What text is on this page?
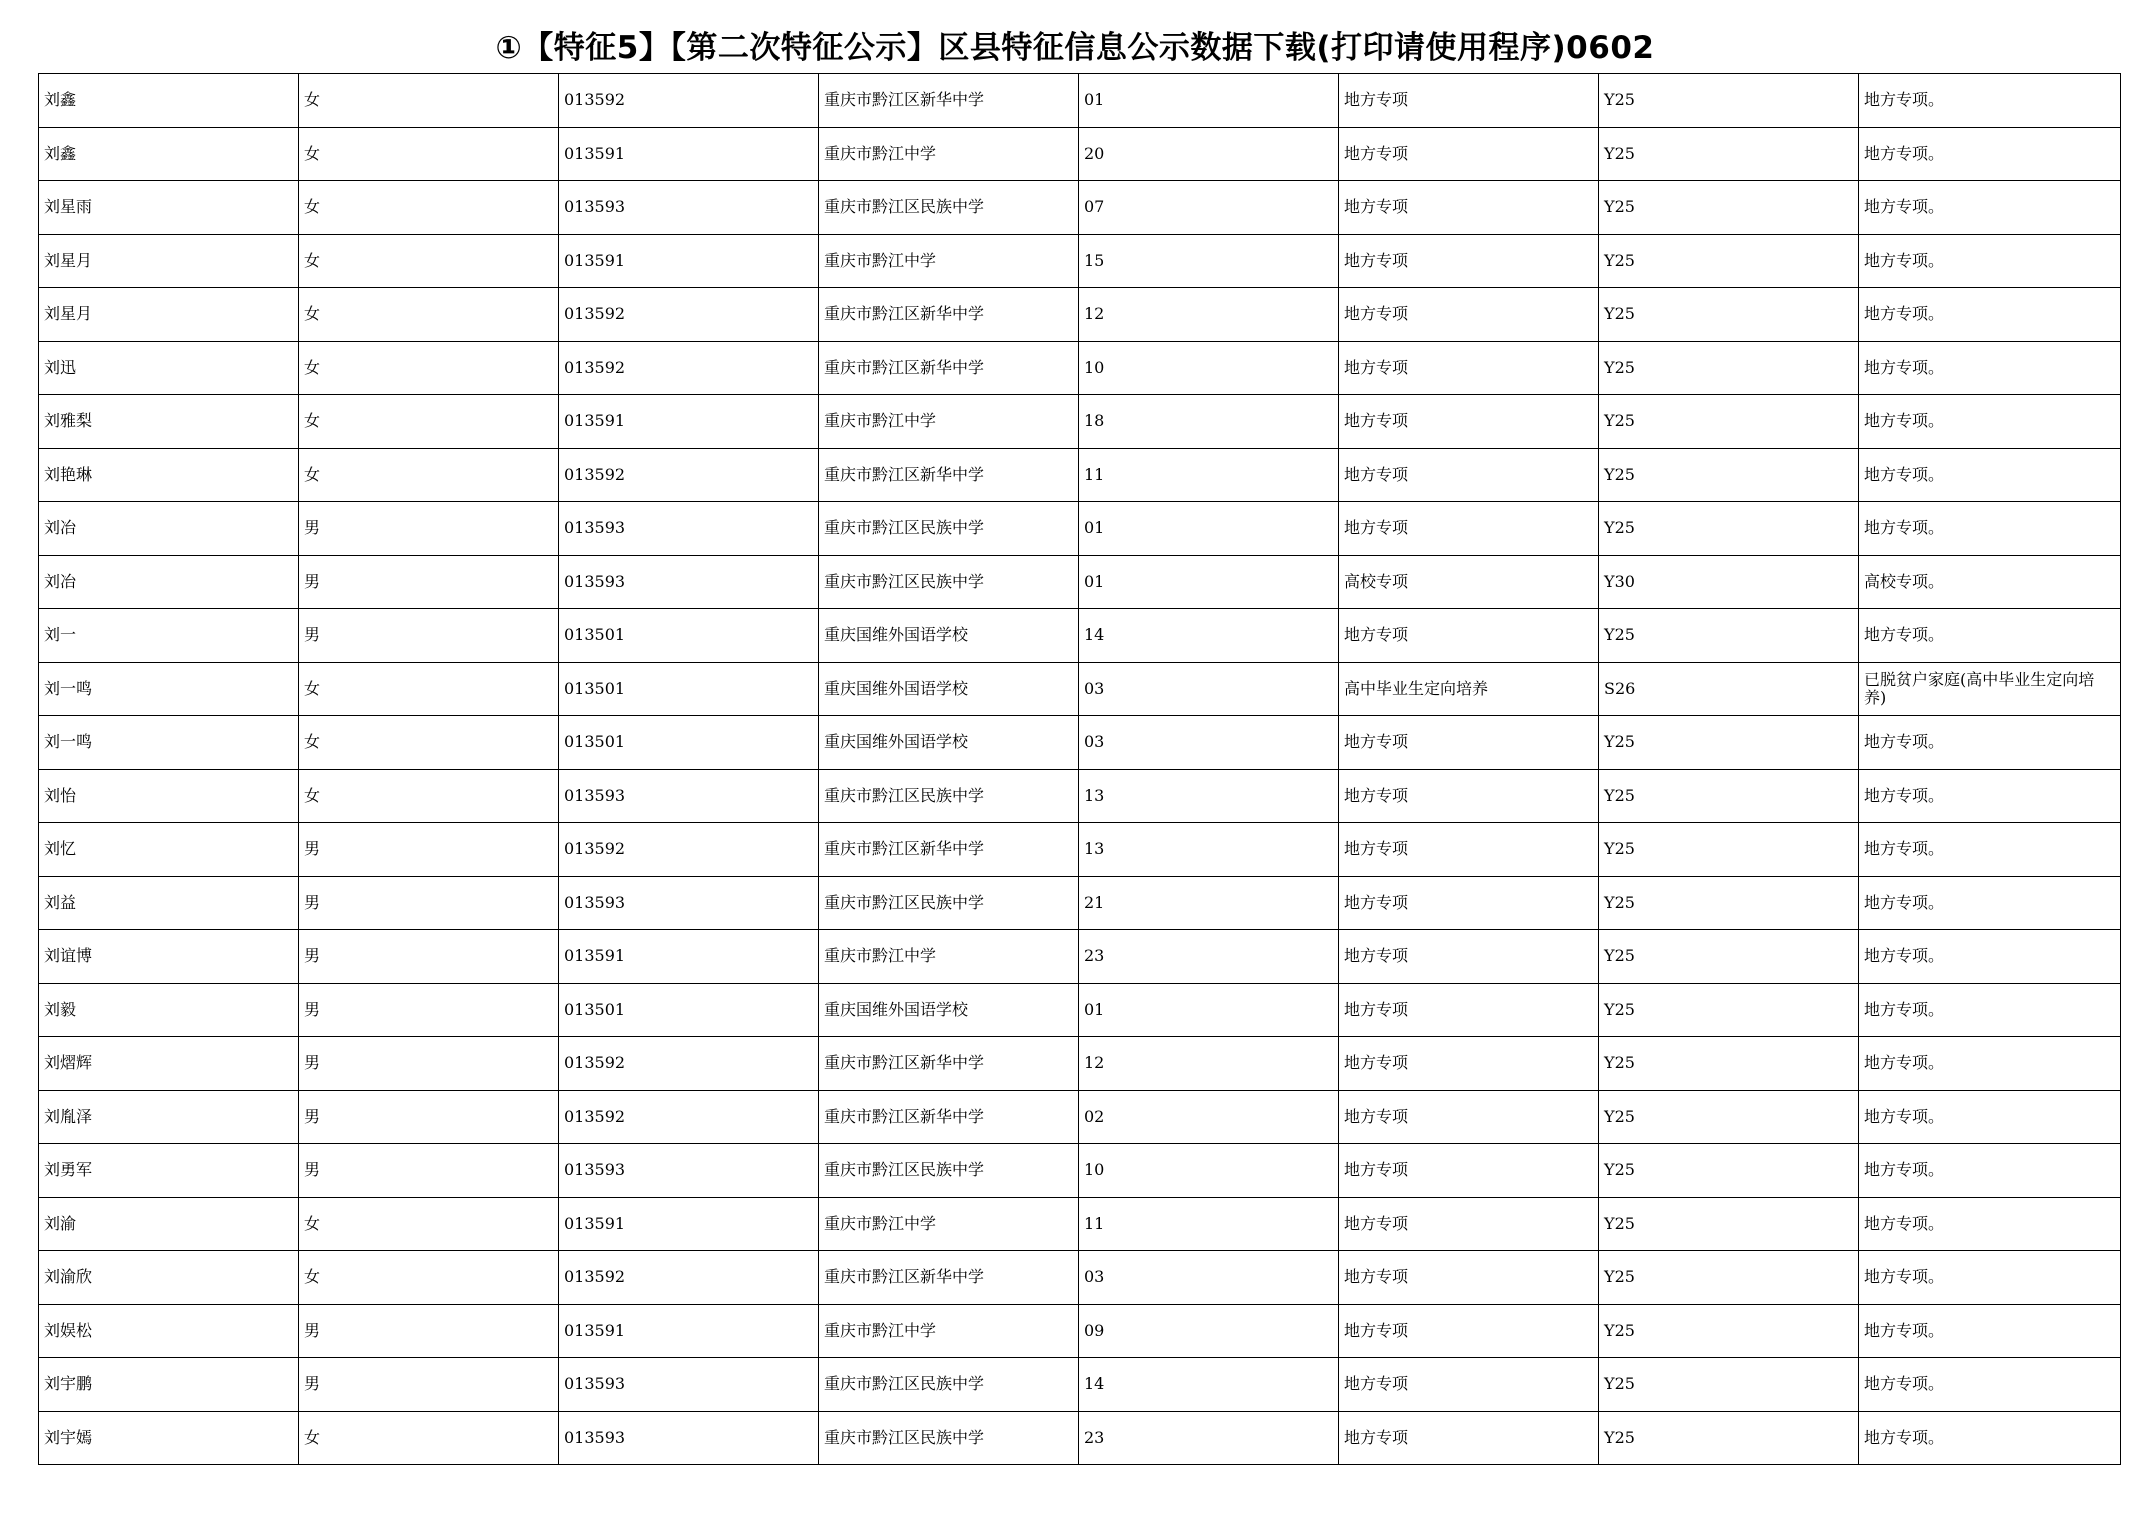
①【特征5】【第二次特征公示】区县特征信息公示数据下载(打印请使用程序)0602
刘鑫	女	013592	重庆市黔江区新华中学	01	地方专项	Y25	地方专项。
刘鑫	女	013591	重庆市黔江中学	20	地方专项	Y25	地方专项。
刘星雨	女	013593	重庆市黔江区民族中学	07	地方专项	Y25	地方专项。
刘星月	女	013591	重庆市黔江中学	15	地方专项	Y25	地方专项。
刘星月	女	013592	重庆市黔江区新华中学	12	地方专项	Y25	地方专项。
刘迅	女	013592	重庆市黔江区新华中学	10	地方专项	Y25	地方专项。
刘雅梨	女	013591	重庆市黔江中学	18	地方专项	Y25	地方专项。
刘艳琳	女	013592	重庆市黔江区新华中学	11	地方专项	Y25	地方专项。
刘冶	男	013593	重庆市黔江区民族中学	01	地方专项	Y25	地方专项。
刘冶	男	013593	重庆市黔江区民族中学	01	高校专项	Y30	高校专项。
刘一	男	013501	重庆国维外国语学校	14	地方专项	Y25	地方专项。
刘一鸣	女	013501	重庆国维外国语学校	03	高中毕业生定向培养	S26	已脱贫户家庭(高中毕业生定向培养)
刘一鸣	女	013501	重庆国维外国语学校	03	地方专项	Y25	地方专项。
刘怡	女	013593	重庆市黔江区民族中学	13	地方专项	Y25	地方专项。
刘忆	男	013592	重庆市黔江区新华中学	13	地方专项	Y25	地方专项。
刘益	男	013593	重庆市黔江区民族中学	21	地方专项	Y25	地方专项。
刘谊博	男	013591	重庆市黔江中学	23	地方专项	Y25	地方专项。
刘毅	男	013501	重庆国维外国语学校	01	地方专项	Y25	地方专项。
刘熠辉	男	013592	重庆市黔江区新华中学	12	地方专项	Y25	地方专项。
刘胤泽	男	013592	重庆市黔江区新华中学	02	地方专项	Y25	地方专项。
刘勇军	男	013593	重庆市黔江区民族中学	10	地方专项	Y25	地方专项。
刘渝	女	013591	重庆市黔江中学	11	地方专项	Y25	地方专项。
刘渝欣	女	013592	重庆市黔江区新华中学	03	地方专项	Y25	地方专项。
刘娱松	男	013591	重庆市黔江中学	09	地方专项	Y25	地方专项。
刘宇鹏	男	013593	重庆市黔江区民族中学	14	地方专项	Y25	地方专项。
刘宇嫣	女	013593	重庆市黔江区民族中学	23	地方专项	Y25	地方专项。
